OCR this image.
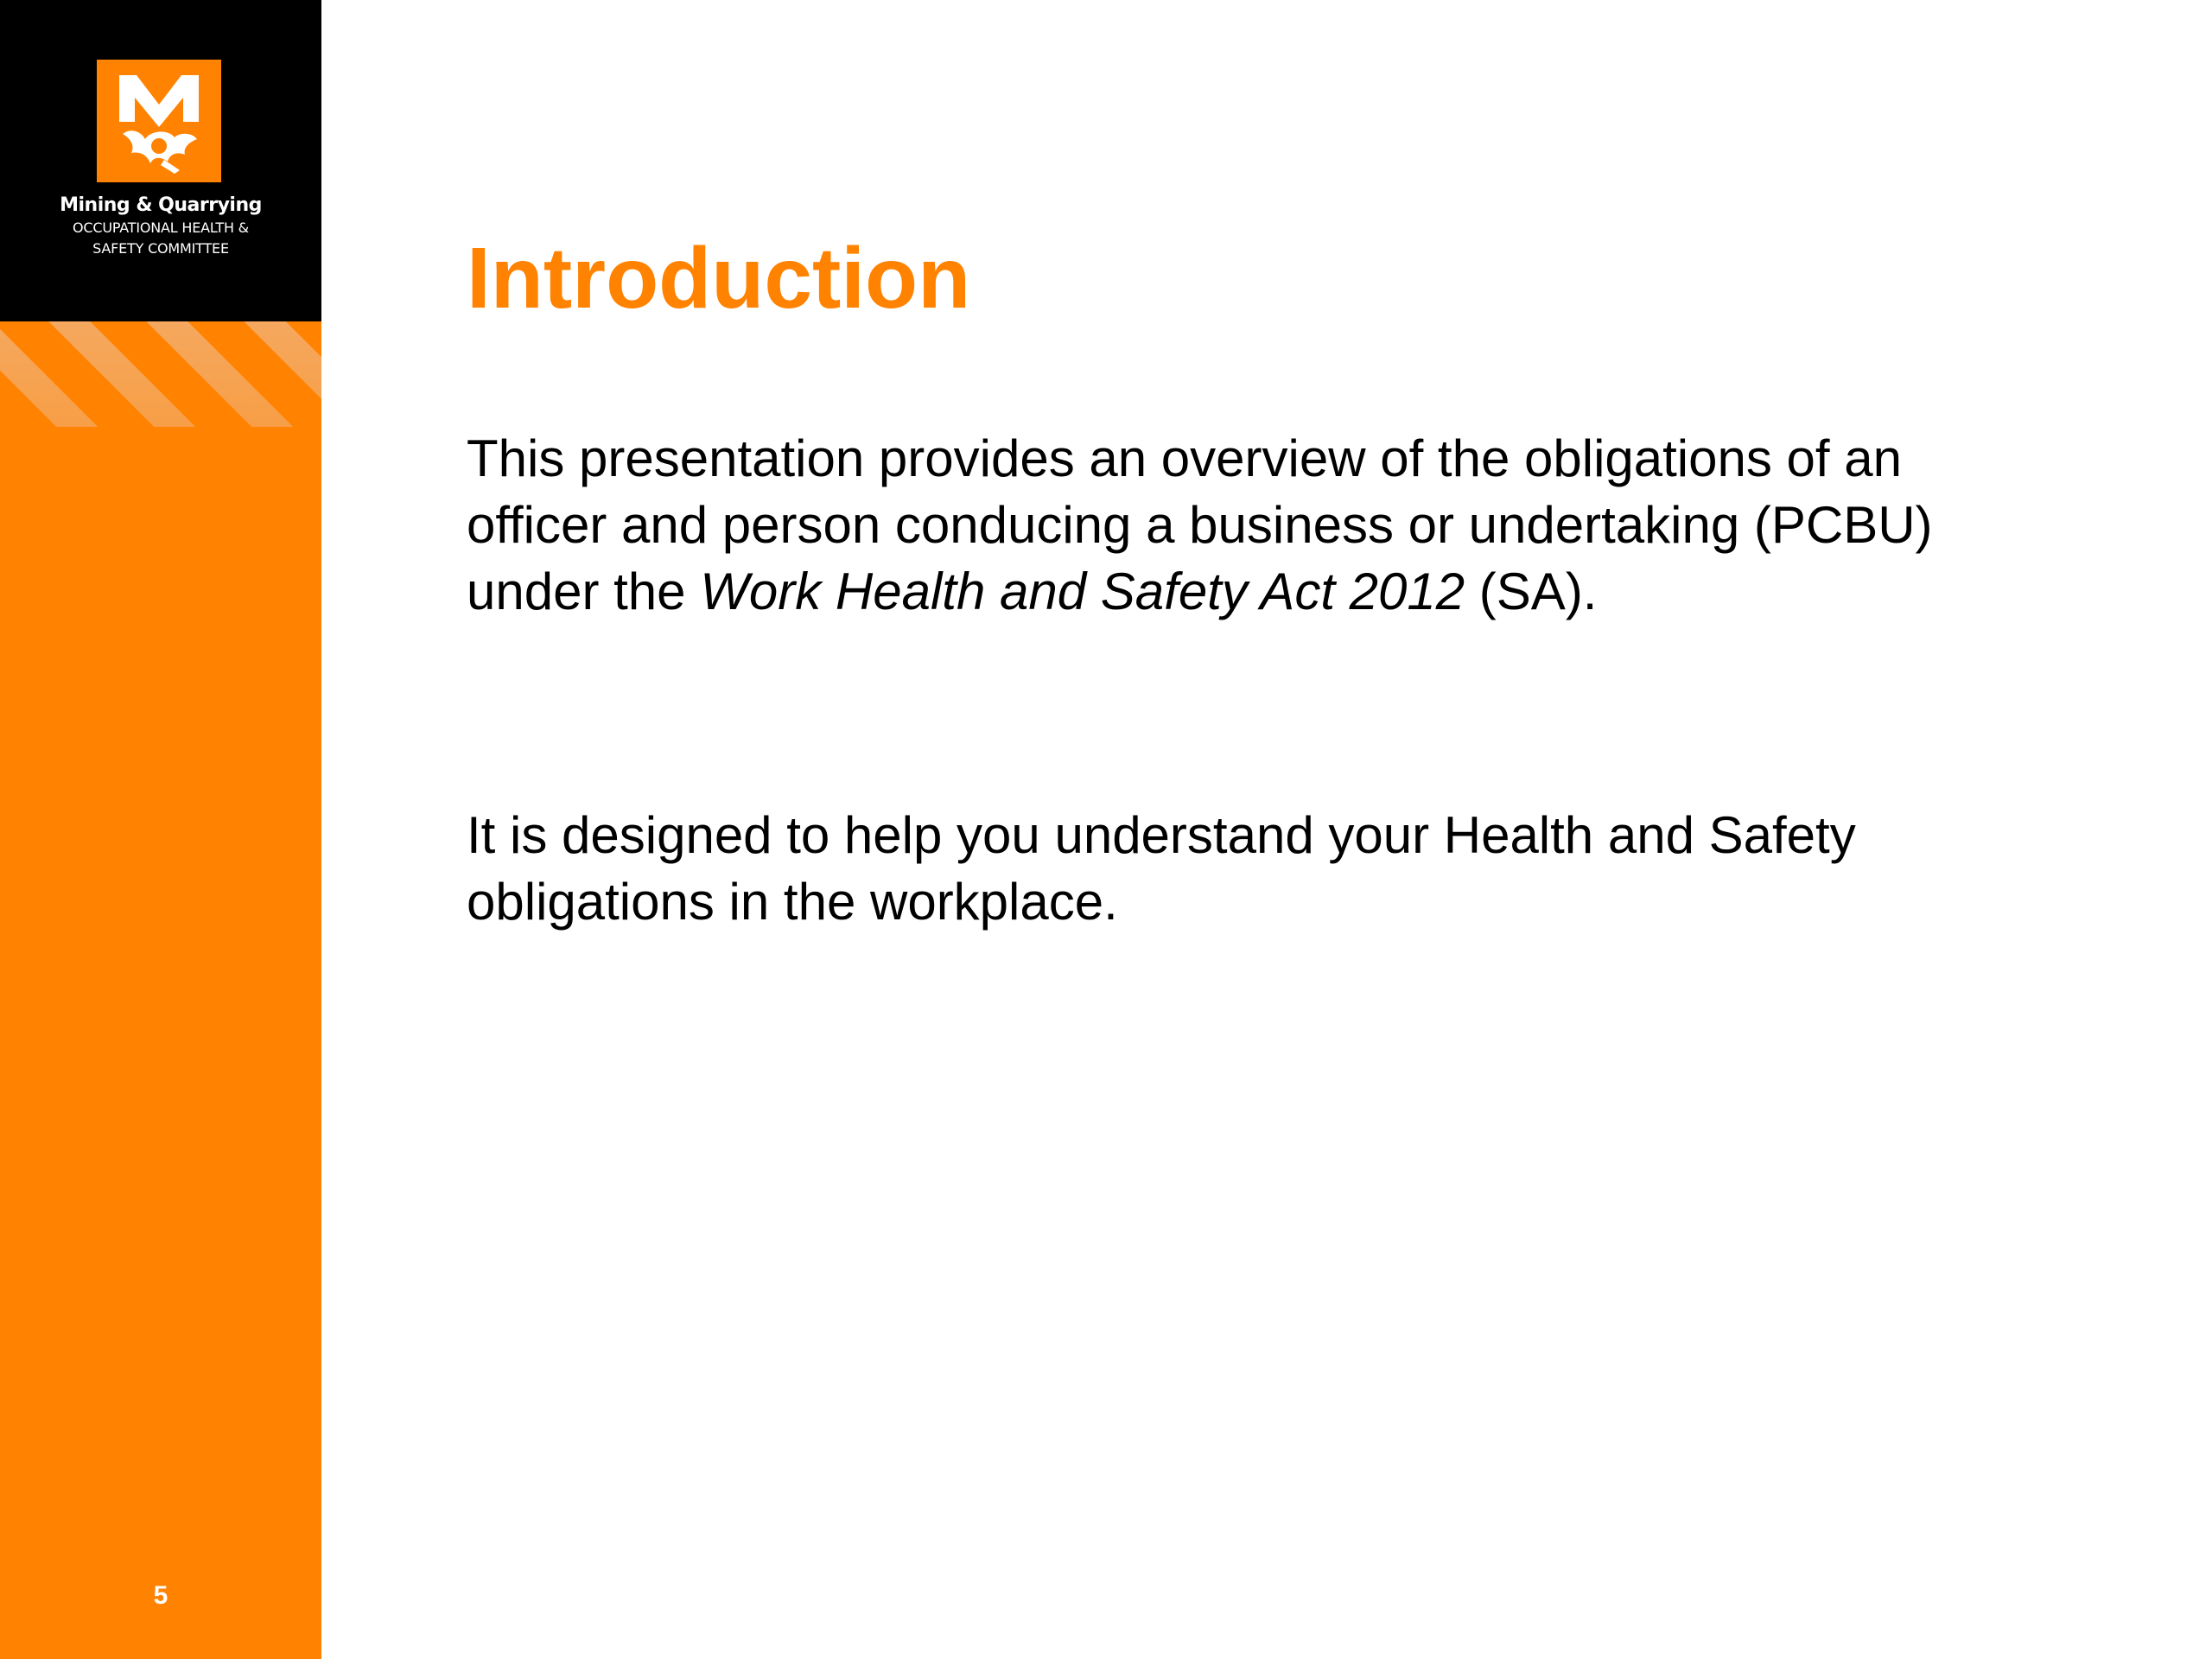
Mining & Quarrying
OCCUPATIONAL HEALTH &
SAFETY COMMITTEE
5
Introduction

This presentation provides an overview of the obligations of an
officer and person conducing a business or undertaking (PCBU)
under the Work Health and Safety Act 2012 (SA).

It is designed to help you understand your Health and Safety
obligations in the workplace.
